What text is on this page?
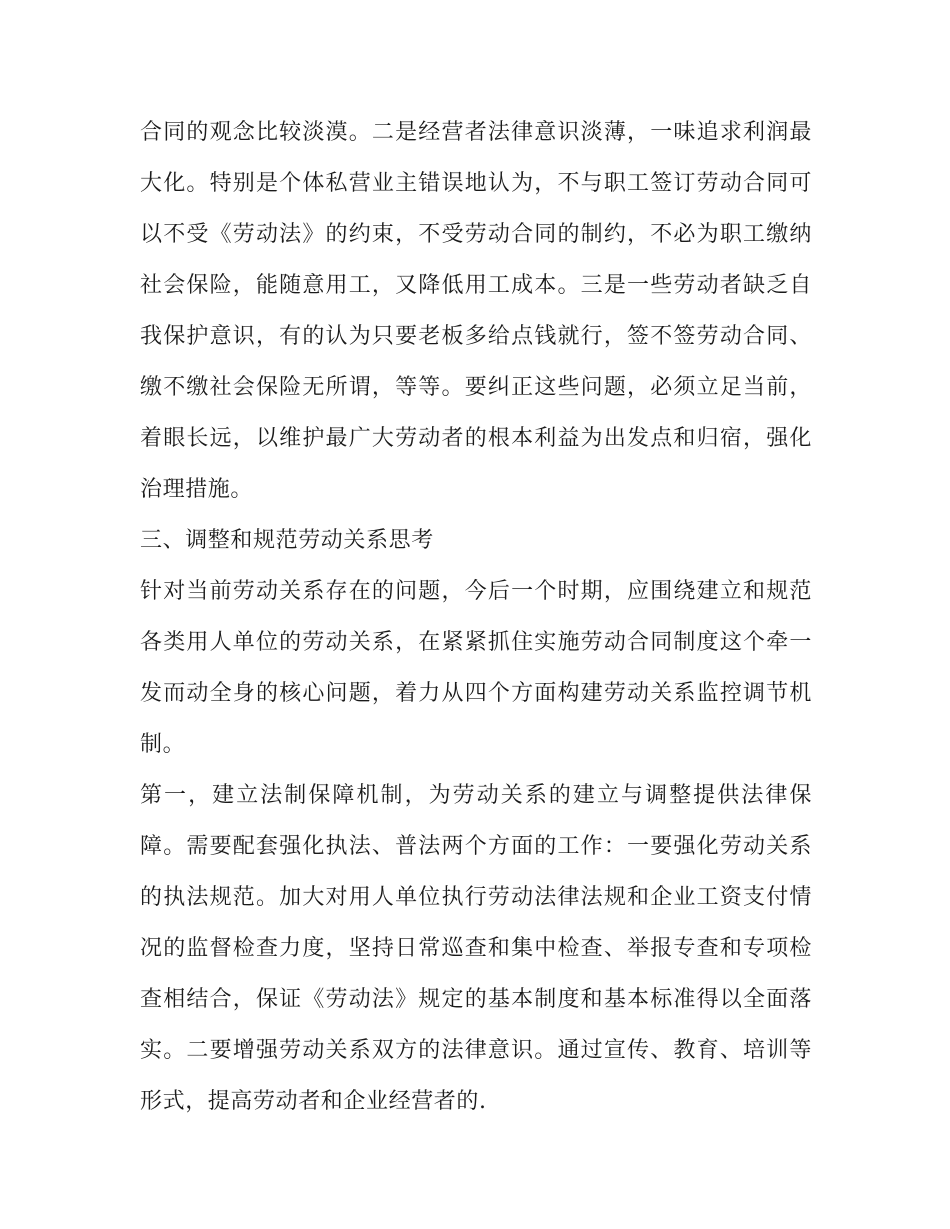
合同的观念比较淡漠。二是经营者法律意识淡薄，一味追求利润最大化。特别是个体私营业主错误地认为，不与职工签订劳动合同可以不受《劳动法》的约束，不受劳动合同的制约，不必为职工缴纳社会保险，能随意用工，又降低用工成本。三是一些劳动者缺乏自我保护意识，有的认为只要老板多给点钱就行，签不签劳动合同、缴不缴社会保险无所谓，等等。要纠正这些问题，必须立足当前，着眼长远，以维护最广大劳动者的根本利益为出发点和归宿，强化治理措施。

三、调整和规范劳动关系思考

针对当前劳动关系存在的问题，今后一个时期，应围绕建立和规范各类用人单位的劳动关系，在紧紧抓住实施劳动合同制度这个牵一发而动全身的核心问题，着力从四个方面构建劳动关系监控调节机制。

第一，建立法制保障机制，为劳动关系的建立与调整提供法律保障。需要配套强化执法、普法两个方面的工作：一要强化劳动关系的执法规范。加大对用人单位执行劳动法律法规和企业工资支付情况的监督检查力度，坚持日常巡查和集中检查、举报专查和专项检查相结合，保证《劳动法》规定的基本制度和基本标准得以全面落实。二要增强劳动关系双方的法律意识。通过宣传、教育、培训等形式，提高劳动者和企业经营者的.
